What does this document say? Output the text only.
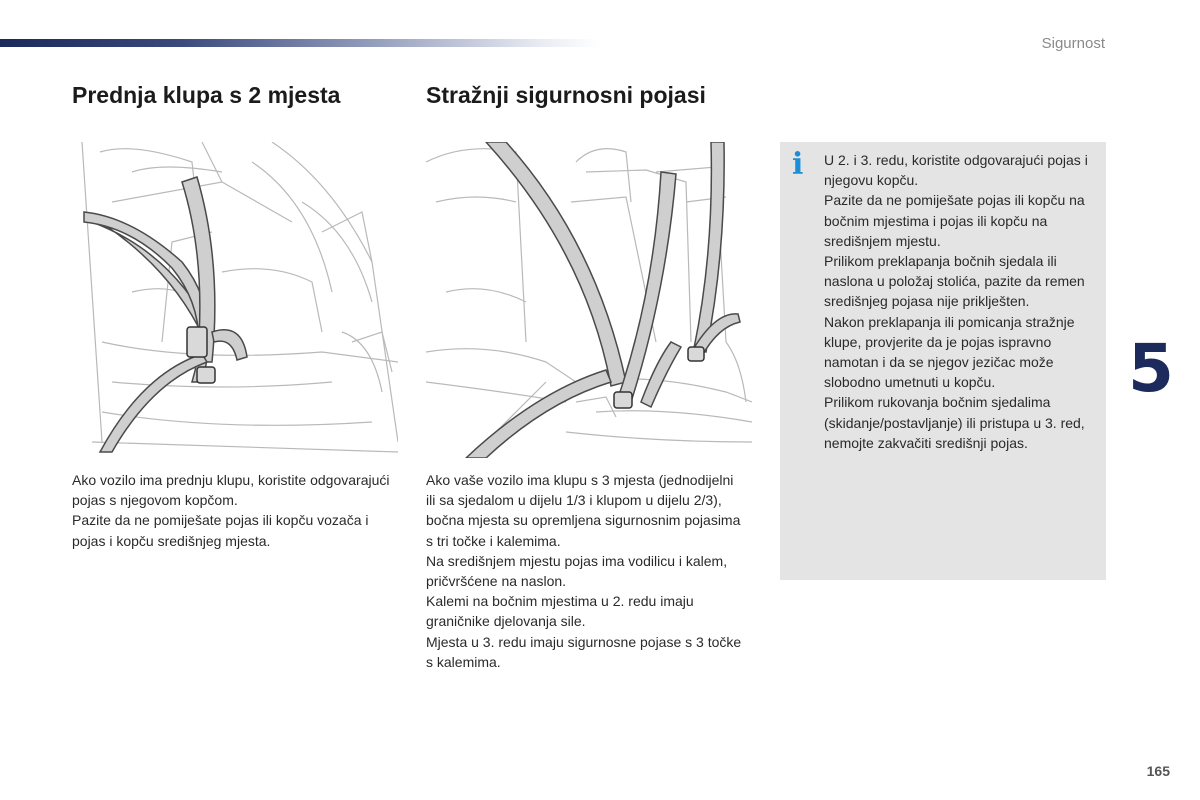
Sigurnost
Prednja klupa s 2 mjesta	Stražnji sigurnosni pojasi

Ako vozilo ima prednju klupu, koristite odgovarajući pojas s njegovom kopčom.

Pazite da ne pomiješate pojas ili kopču vozača i pojas i kopču središnjeg mjesta.

Ako vaše vozilo ima klupu s 3 mjesta (jednodijelni ili sa sjedalom u dijelu 1/3 i klupom u dijelu 2/3), bočna mjesta su opremljena sigurnosnim pojasima s tri točke i kalemima.

Na središnjem mjestu pojas ima vodilicu i kalem, pričvršćene na naslon.

Kalemi na bočnim mjestima u 2. redu imaju graničnike djelovanja sile.

Mjesta u 3. redu imaju sigurnosne pojase s 3 točke s kalemima.

i	U 2. i 3. redu, koristite odgovarajući pojas i njegovu kopču.

Pazite da ne pomiješate pojas ili kopču na bočnim mjestima i pojas ili kopču na središnjem mjestu.

Prilikom preklapanja bočnih sjedala ili naslona u položaj stolića, pazite da remen središnjeg pojasa nije priklješten.

Nakon preklapanja ili pomicanja stražnje klupe, provjerite da je pojas ispravno namotan i da se njegov jezičac može slobodno umetnuti u kopču.

Prilikom rukovanja bočnim sjedalima (skidanje/postavljanje) ili pristupa u 3. red, nemojte zakvačiti središnji pojas.

5
165
